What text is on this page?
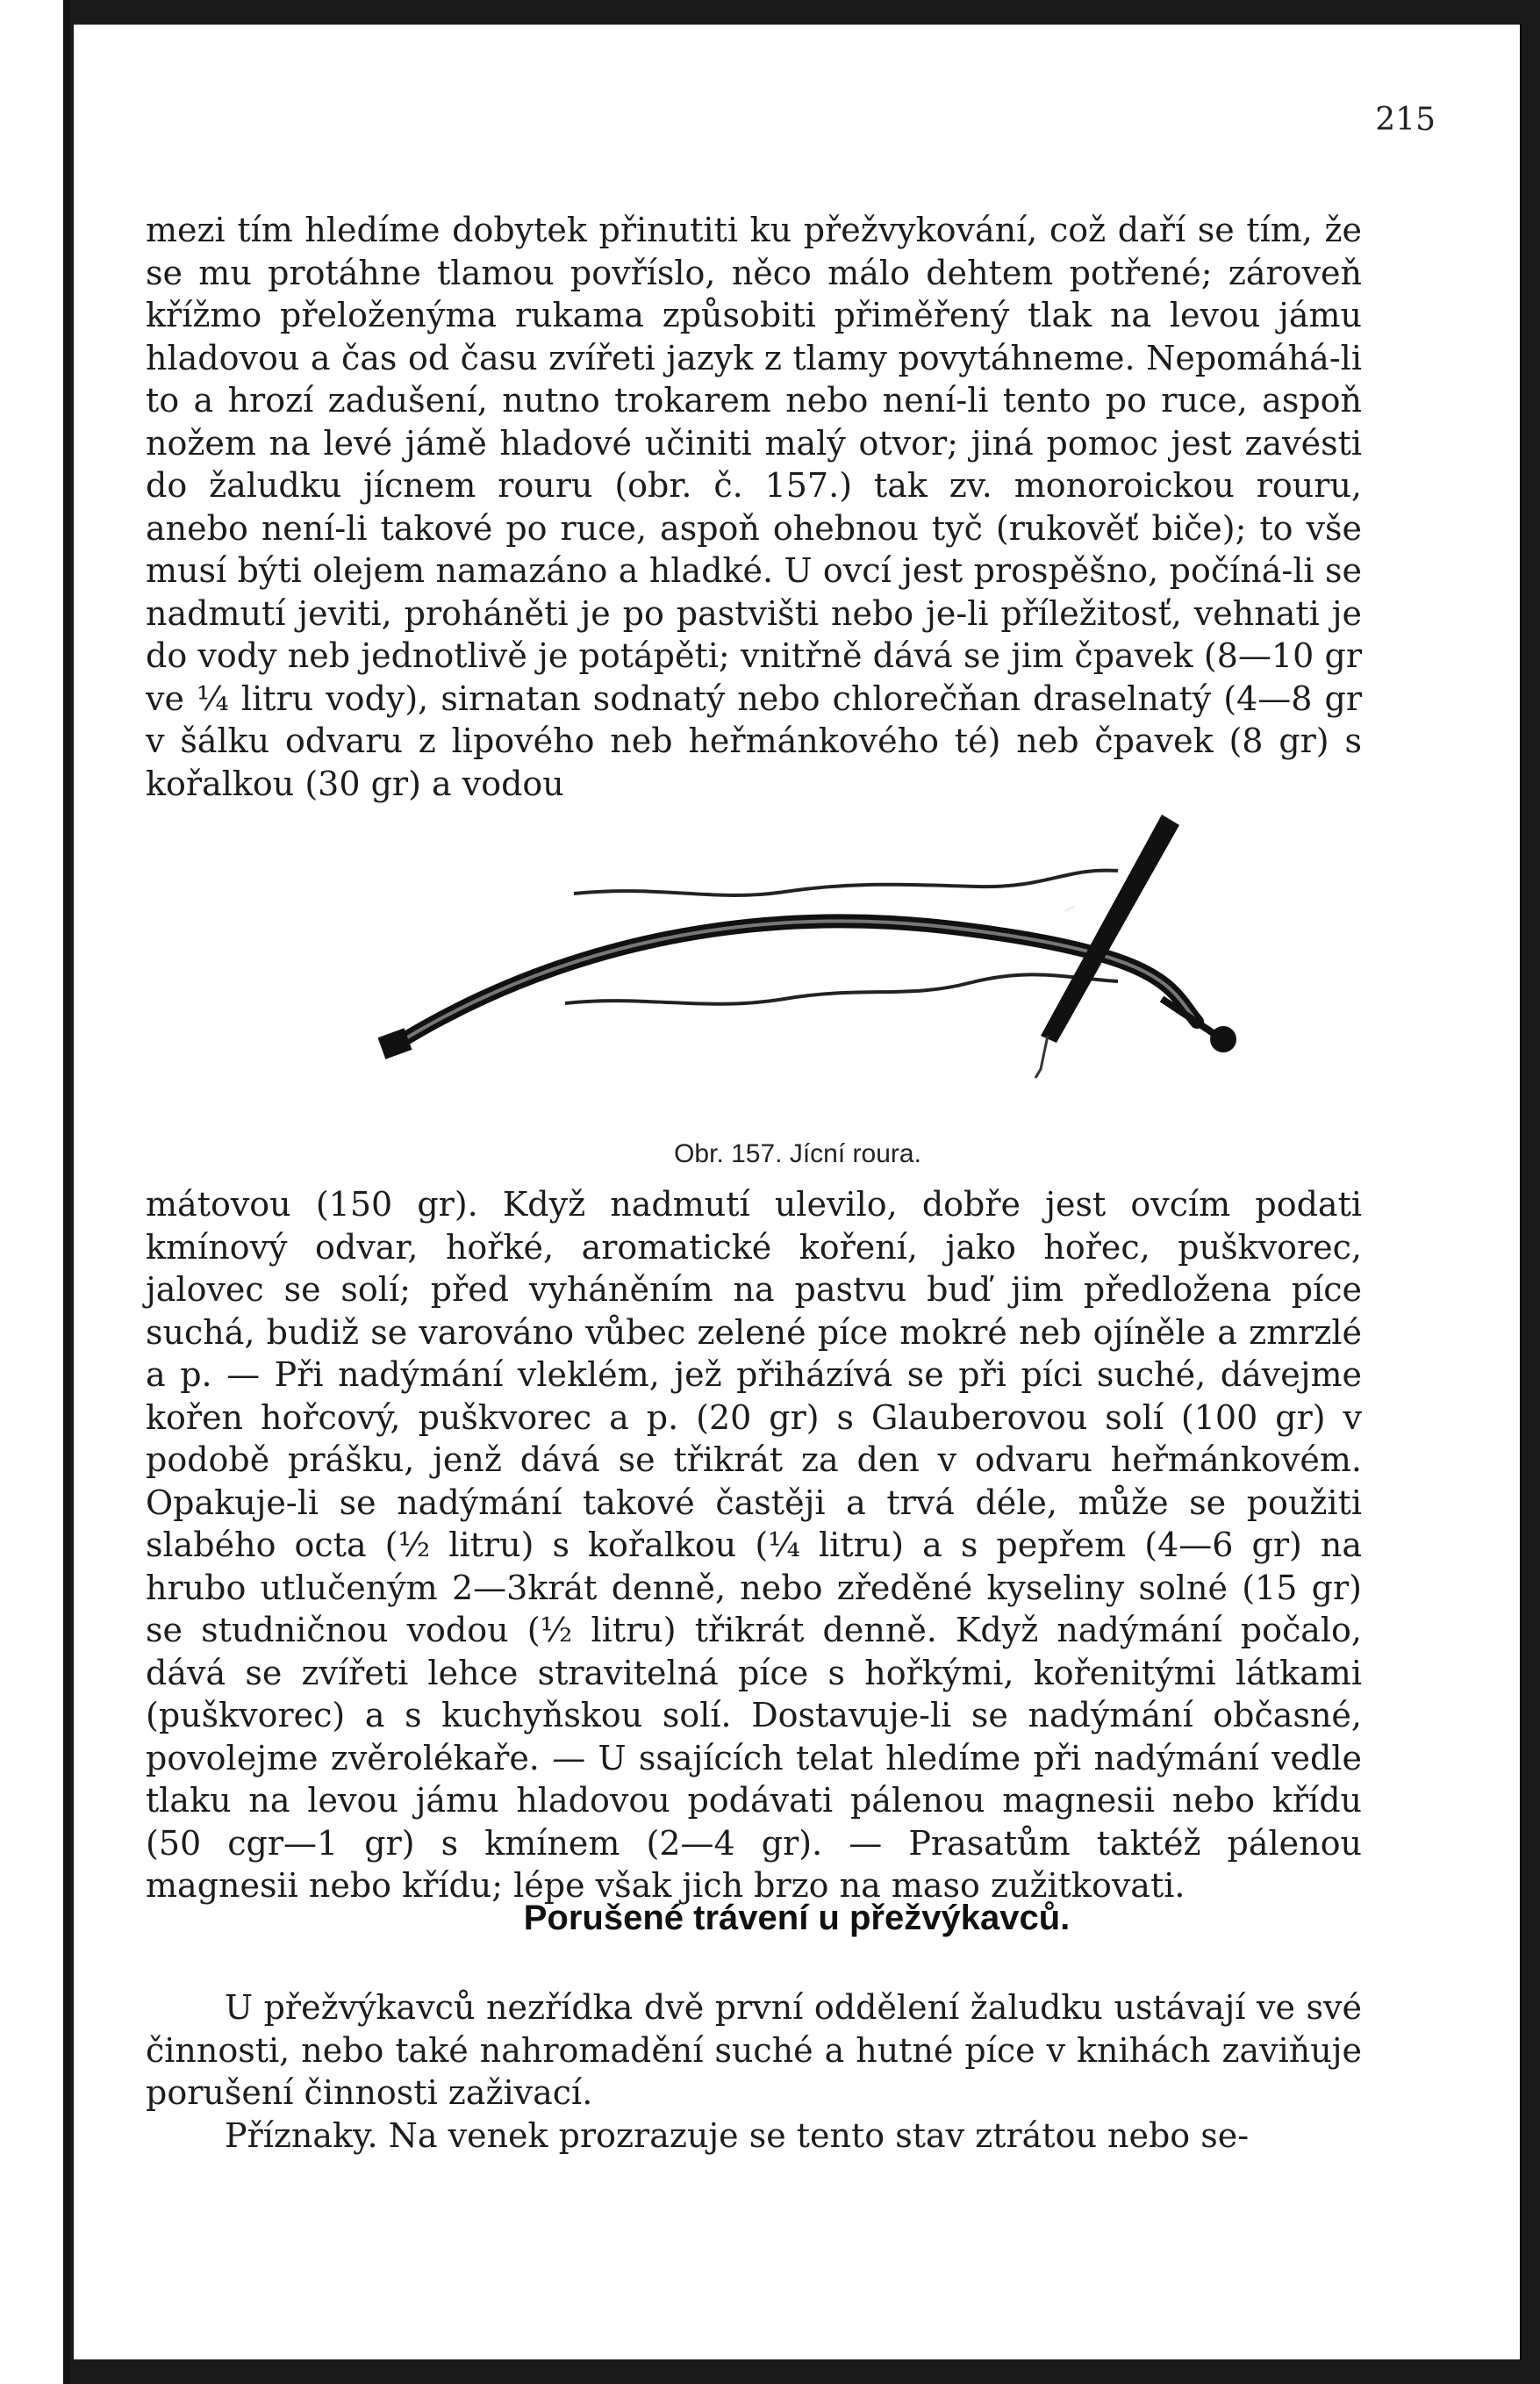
215

mezi tím hledíme dobytek přinutiti ku přežvykování, což daří se tím, že se mu protáhne tlamou povříslo, něco málo dehtem potřené; zároveň křížmo přeloženýma rukama způsobiti přiměřený tlak na levou jámu hladovou a čas od času zvířeti jazyk z tlamy povytáhneme. Nepomáhá-li to a hrozí zadušení, nutno trokarem nebo není-li tento po ruce, aspoň nožem na levé jámě hladové učiniti malý otvor; jiná pomoc jest zavésti do žaludku jícnem rouru (obr. č. 157.) tak zv. monoroickou rouru, anebo není-li takové po ruce, aspoň ohebnou tyč (rukověť biče); to vše musí býti olejem namazáno a hladké. U ovcí jest prospěšno, počíná-li se nadmutí jeviti, proháněti je po pastvišti nebo je-li příležitosť, vehnati je do vody neb jednotlivě je potápěti; vnitřně dává se jim čpavek (8—10 gr ve ¼ litru vody), sirnatan sodnatý nebo chlorečňan draselnatý (4—8 gr v šálku odvaru z lipového neb heřmánkového té) neb čpavek (8 gr) s kořalkou (30 gr) a vodou

Obr. 157. Jícní roura.

mátovou (150 gr). Když nadmutí ulevilo, dobře jest ovcím podati kmínový odvar, hořké, aromatické koření, jako hořec, puškvorec, jalovec se solí; před vyháněním na pastvu buď jim předložena píce suchá, budiž se varováno vůbec zelené píce mokré neb ojíněle a zmrzlé a p. — Při nadýmání vleklém, jež přiházívá se při píci suché, dávejme kořen hořcový, puškvorec a p. (20 gr) s Glauberovou solí (100 gr) v podobě prášku, jenž dává se třikrát za den v odvaru heřmánkovém. Opakuje-li se nadýmání takové častěji a trvá déle, může se použiti slabého octa (½ litru) s kořalkou (¼ litru) a s pepřem (4—6 gr) na hrubo utlučeným 2—3krát denně, nebo zředěné kyseliny solné (15 gr) se studničnou vodou (½ litru) třikrát denně. Když nadýmání počalo, dává se zvířeti lehce stravitelná píce s hořkými, kořenitými látkami (puškvorec) a s kuchyňskou solí. Dostavuje-li se nadýmání občasné, povolejme zvěrolékaře. — U ssajících telat hledíme při nadýmání vedle tlaku na levou jámu hladovou podávati pálenou magnesii nebo křídu (50 cgr—1 gr) s kmínem (2—4 gr). — Prasatům taktéž pálenou magnesii nebo křídu; lépe však jich brzo na maso zužitkovati.

Porušené trávení u přežvýkavců.

U přežvýkavců nezřídka dvě první oddělení žaludku ustávají ve své činnosti, nebo také nahromadění suché a hutné píce v knihách zaviňuje porušení činnosti zaživací.

Příznaky. Na venek prozrazuje se tento stav ztrátou nebo se-
